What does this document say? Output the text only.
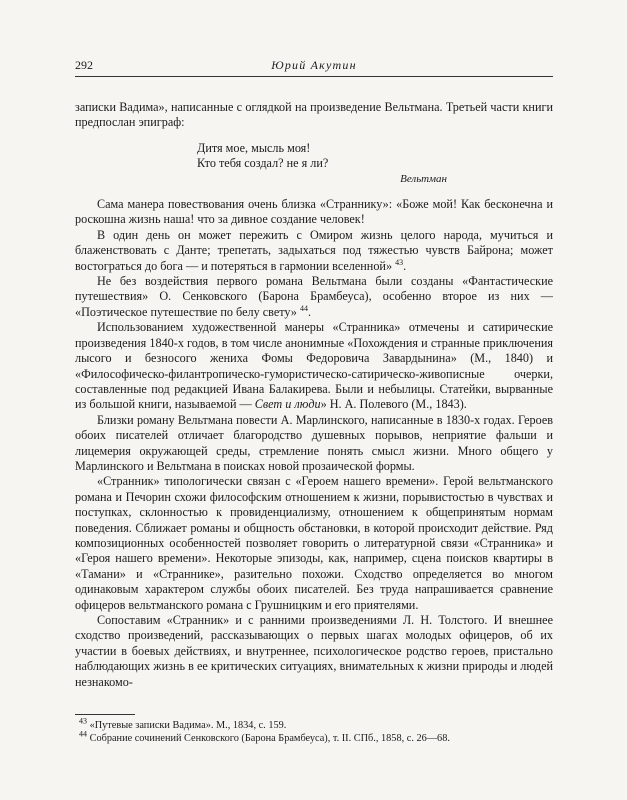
292	Юрий Акутин

записки Вадима», написанные с оглядкой на произведение Вельтмана. Третьей части книги предпослан эпиграф:

Дитя мое, мысль моя!
Кто тебя создал? не я ли?
Вельтман

Сама манера повествования очень близка «Страннику»: «Боже мой! Как бесконечна и роскошна жизнь наша! что за дивное создание человек!

В один день он может пережить с Омиром жизнь целого народа, мучиться и блаженствовать с Данте; трепетать, задыхаться под тяжестью чувств Байрона; может востограться до бога — и потеряться в гармонии вселенной» $^{43}$.

Не без воздействия первого романа Вельтмана были созданы «Фантастические путешествия» О. Сенковского (Барона Брамбеуса), особенно второе из них — «Поэтическое путешествие по белу свету» $^{44}$.

Использованием художественной манеры «Странника» отмечены и сатирические произведения 1840-х годов, в том числе анонимные «Похождения и странные приключения лысого и безносого жениха Фомы Федоровича Завардынина» (М., 1840) и «Философическо-филантропическо-гумористическо-сатирическо-живописные очерки, составленные под редакцией Ивана Балакирева. Были и небылицы. Статейки, вырванные из большой книги, называемой — Свет и люди» Н. А. Полевого (М., 1843).

Близки роману Вельтмана повести А. Марлинского, написанные в 1830-х годах. Героев обоих писателей отличает благородство душевных порывов, неприятие фальши и лицемерия окружающей среды, стремление понять смысл жизни. Много общего у Марлинского и Вельтмана в поисках новой прозаической формы.

«Странник» типологически связан с «Героем нашего времени». Герой вельтманского романа и Печорин схожи философским отношением к жизни, порывистостью в чувствах и поступках, склонностью к провиденциализму, отношением к общепринятым нормам поведения. Сближает романы и общность обстановки, в которой происходит действие. Ряд композиционных особенностей позволяет говорить о литературной связи «Странника» и «Героя нашего времени». Некоторые эпизоды, как, например, сцена поисков квартиры в «Тамани» и «Страннике», разительно похожи. Сходство определяется во многом одинаковым характером службы обоих писателей. Без труда напрашивается сравнение офицеров вельтманского романа с Грушницким и его приятелями.

Сопоставим «Странник» и с ранними произведениями Л. Н. Толстого. И внешнее сходство произведений, рассказывающих о первых шагах молодых офицеров, об их участии в боевых действиях, и внутреннее, психологическое родство героев, пристально наблюдающих жизнь в ее критических ситуациях, внимательных к жизни природы и людей незнакомо-

$^{43}$ «Путевые записки Вадима». М., 1834, с. 159.

$^{44}$ Собрание сочинений Сенковского (Барона Брамбеуса), т. II. СПб., 1858, с. 26—68.
